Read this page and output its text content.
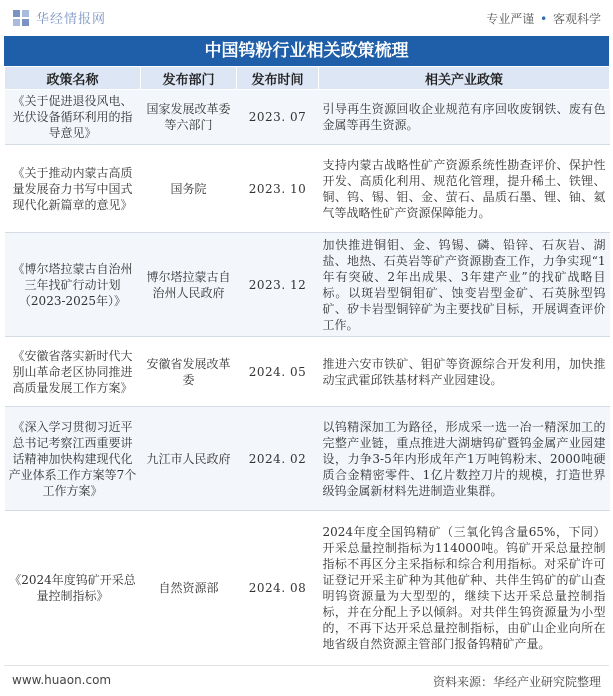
华经情报网	专业严谨 • 客观科学
中国钨粉行业相关政策梳理
政策名称	发布部门	发布时间	相关产业政策
《关于促进退役风电、光伏设备循环利用的指导意见》	国家发展改革委等六部门	2023. 07	引导再生资源回收企业规范有序回收废钢铁、废有色金属等再生资源。
《关于推动内蒙古高质量发展奋力书写中国式现代化新篇章的意见》	国务院	2023. 10	支持内蒙古战略性矿产资源系统性勘查评价、保护性开发、高质化利用、规范化管理，提升稀土、铁锂、铜、钨、锡、钼、金、萤石、晶质石墨、锂、铀、氦气等战略性矿产资源保障能力。
《博尔塔拉蒙古自治州三年找矿行动计划（2023-2025年）》	博尔塔拉蒙古自治州人民政府	2023. 12	加快推进铜钼、金、钨锡、磷、铅锌、石灰岩、湖盐、地热、石英岩等矿产资源勘查工作，力争实现“1年有突破、2年出成果、3年建产业”的找矿战略目标。以斑岩型铜钼矿、蚀变岩型金矿、石英脉型钨矿、矽卡岩型铜锌矿为主要找矿目标，开展调查评价工作。
《安徽省落实新时代大别山革命老区协同推进高质量发展工作方案》	安徽省发展改革委	2024. 05	推进六安市铁矿、钼矿等资源综合开发利用，加快推动宝武霍邱铁基材料产业园建设。
《深入学习贯彻习近平总书记考察江西重要讲话精神加快构建现代化产业体系工作方案等7个工作方案》	九江市人民政府	2024. 02	以钨精深加工为路径，形成采一选一冶一精深加工的完整产业链，重点推进大湖塘钨矿暨钨金属产业园建设，力争3-5年内形成年产1万吨钨粉末、2000吨硬质合金精密零件、1亿片数控刀片的规模，打造世界级钨金属新材料先进制造业集群。
《2024年度钨矿开采总量控制指标》	自然资源部	2024. 08	2024年度全国钨精矿（三氧化钨含量65%，下同）开采总量控制指标为114000吨。钨矿开采总量控制指标不再区分主采指标和综合利用指标。对采矿许可证登记开采主矿种为其他矿种、共伴生钨矿的矿山查明钨资源量为大型型的，继续下达开采总量控制指标，并在分配上予以倾斜。对共伴生钨资源量为小型的，不再下达开采总量控制指标，由矿山企业向所在地省级自然资源主管部门报备钨精矿产量。
www.huaon.com	资料来源：华经产业研究院整理
